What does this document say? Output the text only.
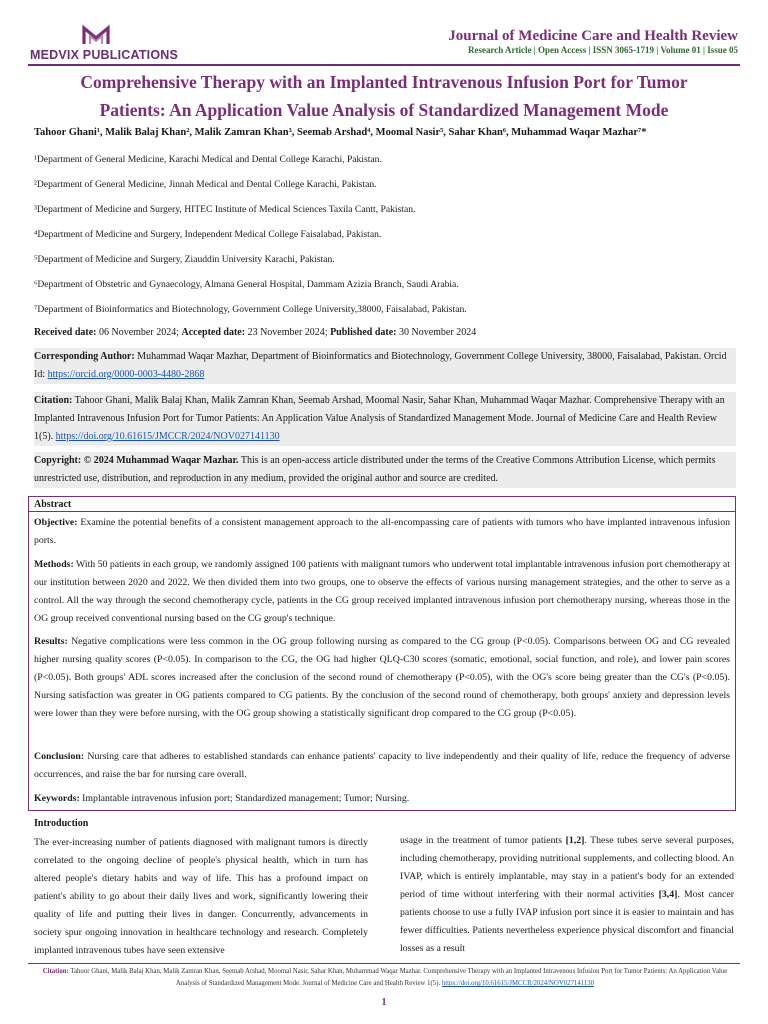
MEDVIX PUBLICATIONS
Journal of Medicine Care and Health Review
Research Article | Open Access | ISSN 3065-1719 | Volume 01 | Issue 05
Comprehensive Therapy with an Implanted Intravenous Infusion Port for Tumor
Patients: An Application Value Analysis of Standardized Management Mode
Tahoor Ghani¹, Malik Balaj Khan², Malik Zamran Khan³, Seemab Arshad⁴, Moomal Nasir⁵, Sahar Khan⁶, Muhammad Waqar Mazhar⁷*
¹Department of General Medicine, Karachi Medical and Dental College Karachi, Pakistan.
²Department of General Medicine, Jinnah Medical and Dental College Karachi, Pakistan.
³Department of Medicine and Surgery, HITEC Institute of Medical Sciences Taxila Cantt, Pakistan.
⁴Department of Medicine and Surgery, Independent Medical College Faisalabad, Pakistan.
⁵Department of Medicine and Surgery, Ziauddin University Karachi, Pakistan.
⁶Department of Obstetric and Gynaecology, Almana General Hospital, Dammam Azizia Branch, Saudi Arabia.
⁷Department of Bioinformatics and Biotechnology, Government College University,38000, Faisalabad, Pakistan.
Received date: 06 November 2024; Accepted date: 23 November 2024; Published date: 30 November 2024
Corresponding Author: Muhammad Waqar Mazhar, Department of Bioinformatics and Biotechnology, Government College University, 38000, Faisalabad, Pakistan. Orcid Id: https://orcid.org/0000-0003-4480-2868
Citation: Tahoor Ghani, Malik Balaj Khan, Malik Zamran Khan, Seemab Arshad, Moomal Nasir, Sahar Khan, Muhammad Waqar Mazhar. Comprehensive Therapy with an Implanted Intravenous Infusion Port for Tumor Patients: An Application Value Analysis of Standardized Management Mode. Journal of Medicine Care and Health Review 1(5). https://doi.org/10.61615/JMCCR/2024/NOV027141130
Copyright: © 2024 Muhammad Waqar Mazhar. This is an open-access article distributed under the terms of the Creative Commons Attribution License, which permits unrestricted use, distribution, and reproduction in any medium, provided the original author and source are credited.
Abstract
Objective: Examine the potential benefits of a consistent management approach to the all-encompassing care of patients with tumors who have implanted intravenous infusion ports.
Methods: With 50 patients in each group, we randomly assigned 100 patients with malignant tumors who underwent total implantable intravenous infusion port chemotherapy at our institution between 2020 and 2022. We then divided them into two groups, one to observe the effects of various nursing management strategies, and the other to serve as a control. All the way through the second chemotherapy cycle, patients in the CG group received implanted intravenous infusion port chemotherapy nursing, whereas those in the OG group received conventional nursing based on the CG group's technique.
Results: Negative complications were less common in the OG group following nursing as compared to the CG group (P<0.05). Comparisons between OG and CG revealed higher nursing quality scores (P<0.05). In comparison to the CG, the OG had higher QLQ-C30 scores (somatic, emotional, social function, and role), and lower pain scores (P<0.05). Both groups' ADL scores increased after the conclusion of the second round of chemotherapy (P<0.05), with the OG's score being greater than the CG's (P<0.05). Nursing satisfaction was greater in OG patients compared to CG patients. By the conclusion of the second round of chemotherapy, both groups' anxiety and depression levels were lower than they were before nursing, with the OG group showing a statistically significant drop compared to the CG group (P<0.05).
Conclusion: Nursing care that adheres to established standards can enhance patients' capacity to live independently and their quality of life, reduce the frequency of adverse occurrences, and raise the bar for nursing care overall.
Keywords: Implantable intravenous infusion port; Standardized management; Tumor; Nursing.
Introduction
The ever-increasing number of patients diagnosed with malignant tumors is directly correlated to the ongoing decline of people's physical health, which in turn has altered people's dietary habits and way of life. This has a profound impact on patient's ability to go about their daily lives and work, significantly lowering their quality of life and putting their lives in danger. Concurrently, advancements in society spur ongoing innovation in healthcare technology and research. Completely implanted intravenous tubes have seen extensive
usage in the treatment of tumor patients [1,2]. These tubes serve several purposes, including chemotherapy, providing nutritional supplements, and collecting blood. An IVAP, which is entirely implantable, may stay in a patient's body for an extended period of time without interfering with their normal activities [3,4]. Most cancer patients choose to use a fully IVAP infusion port since it is easier to maintain and has fewer difficulties. Patients nevertheless experience physical discomfort and financial losses as a result
Citation: Tahoor Ghani, Malik Balaj Khan, Malik Zamran Khan, Seemab Arshad, Moomal Nasir, Sahar Khan, Muhammad Waqar Mazhar. Comprehensive Therapy with an Implanted Intravenous Infusion Port for Tumor Patients: An Application Value Analysis of Standardized Management Mode. Journal of Medicine Care and Health Review 1(5). https://doi.org/10.61615/JMCCR/2024/NOV027141130
1
